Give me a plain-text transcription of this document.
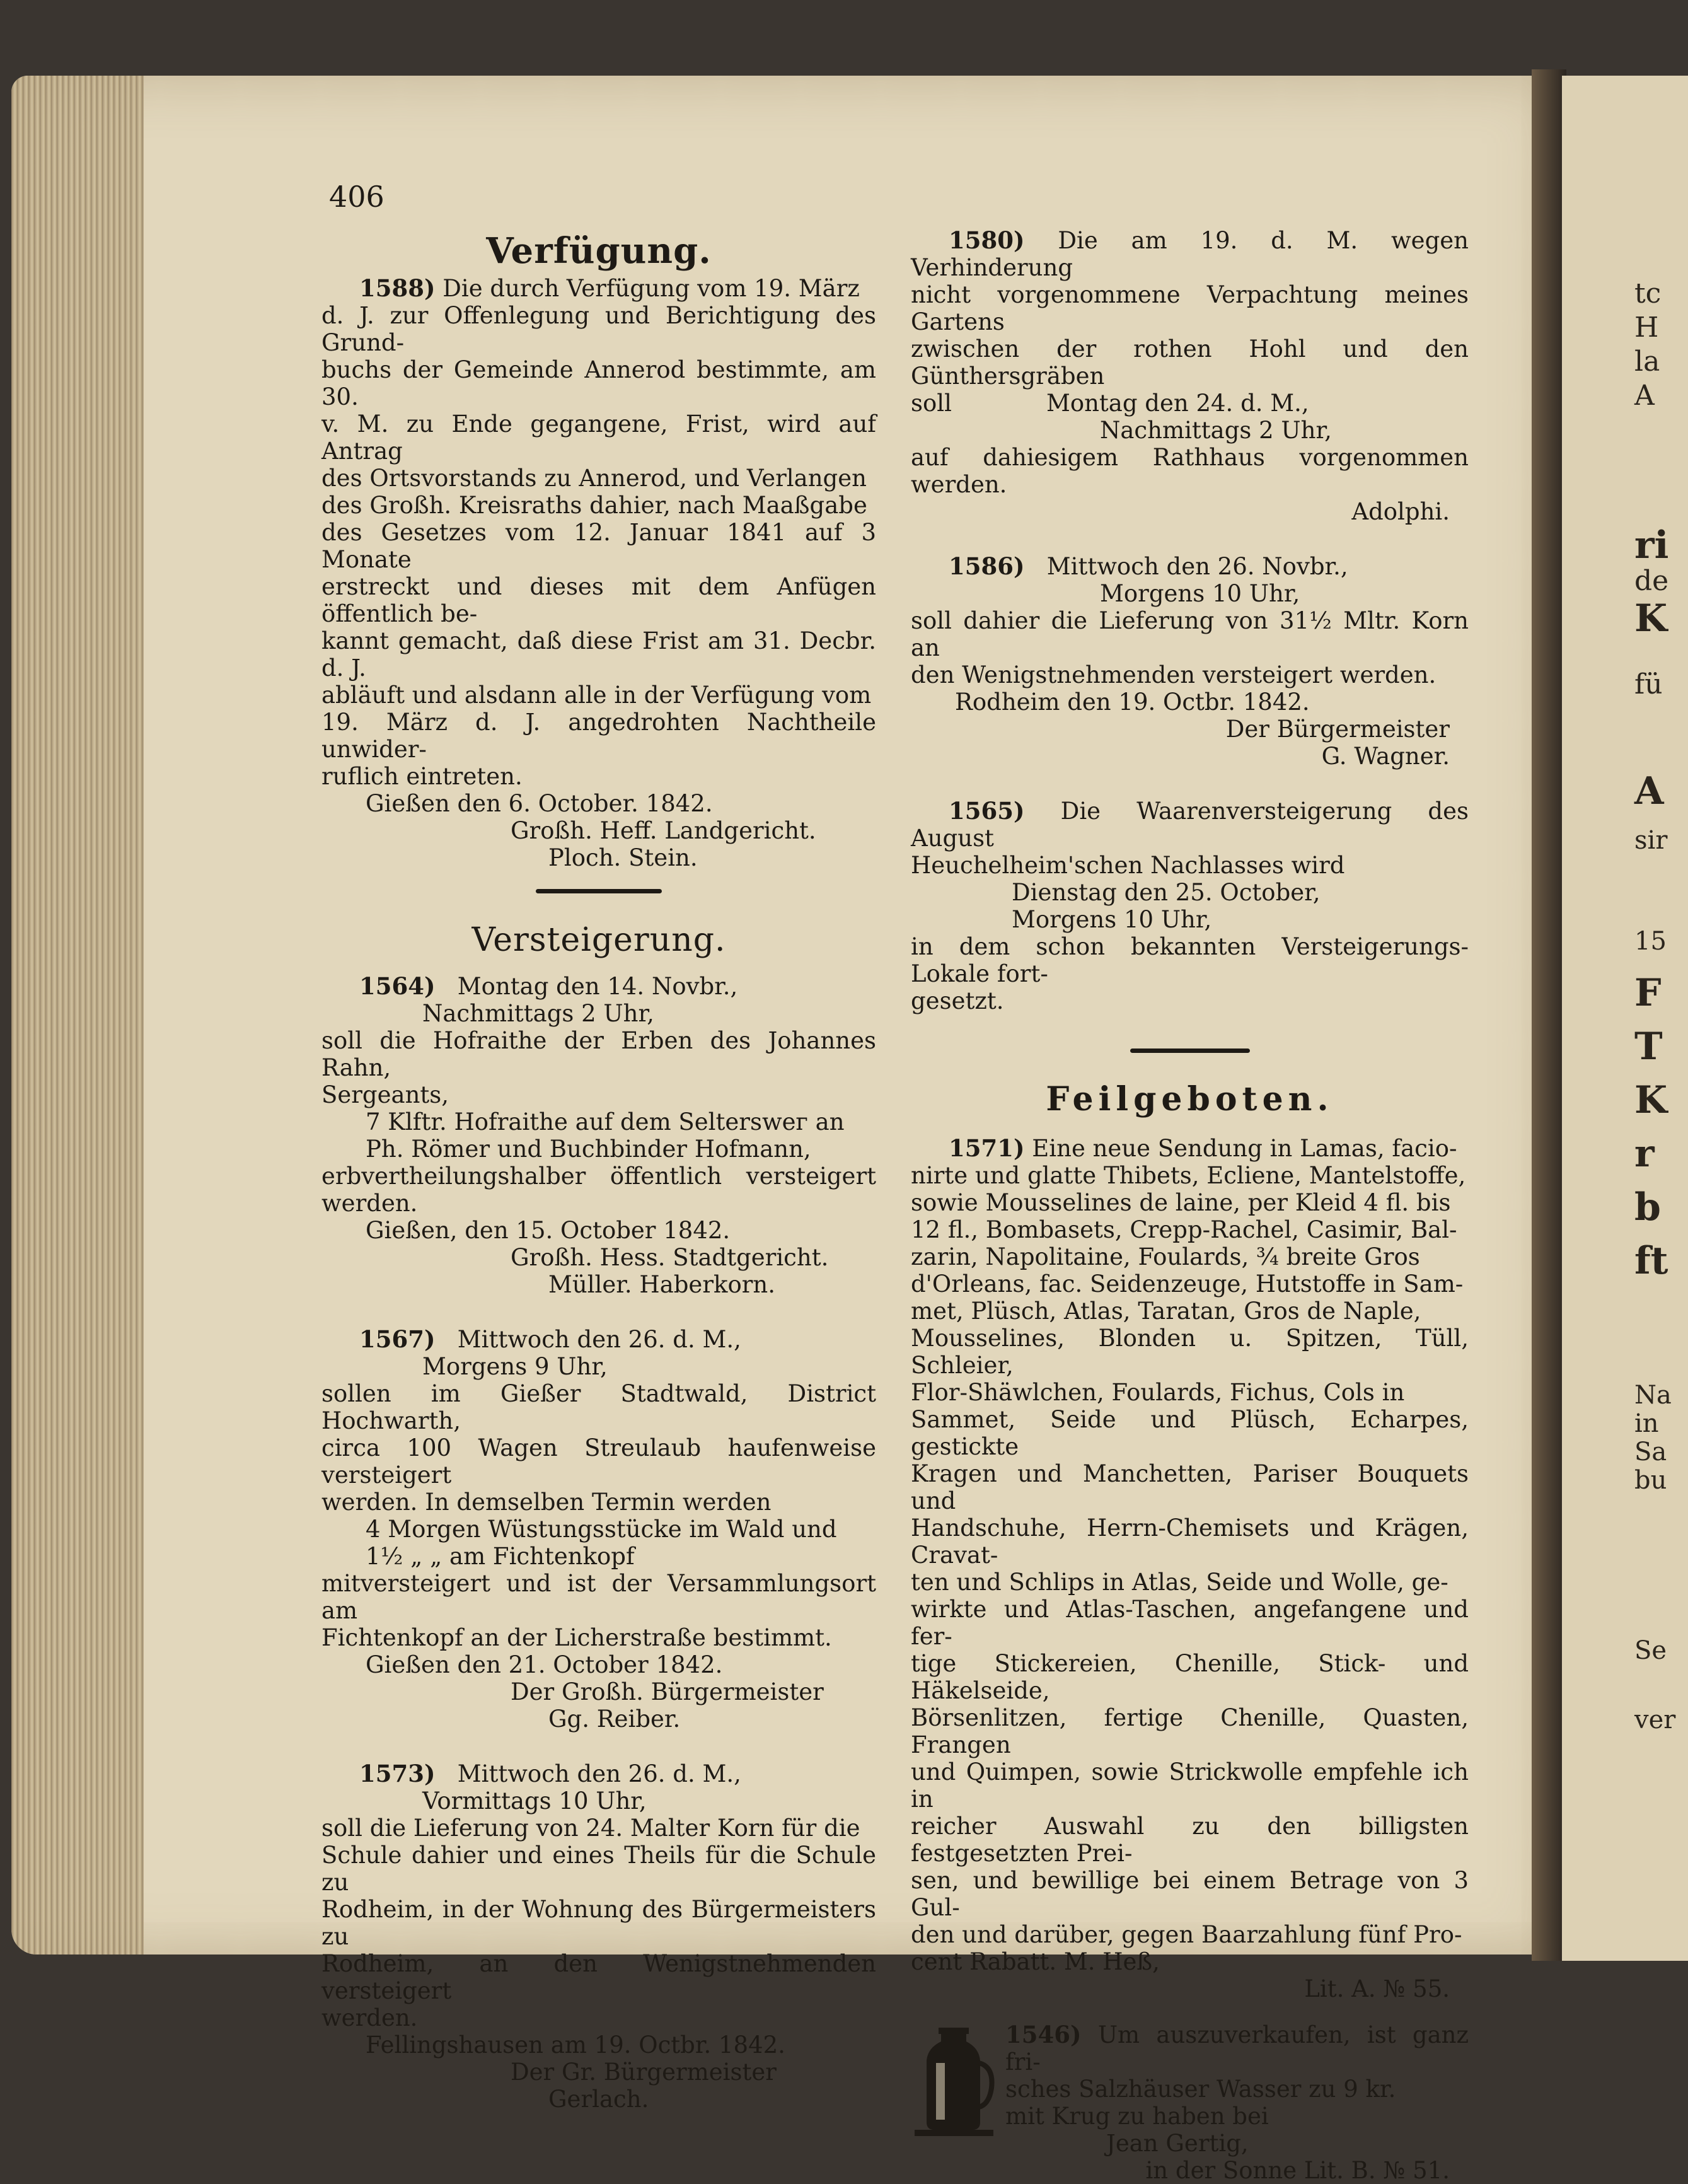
tc
H
la
A
ri
de
K
fü
A
sir
15
F
T
K
r
b
ft
Na
in
Sa
bu
Se
ver
406
Verfügung.

1588) Die durch Verfügung vom 19. März

d. J. zur Offenlegung und Berichtigung des Grund-

buchs der Gemeinde Annerod bestimmte, am 30.

v. M. zu Ende gegangene, Frist, wird auf Antrag

des Ortsvorstands zu Annerod, und Verlangen

des Großh. Kreisraths dahier, nach Maaßgabe

des Gesetzes vom 12. Januar 1841 auf 3 Monate

erstreckt und dieses mit dem Anfügen öffentlich be-

kannt gemacht, daß diese Frist am 31. Decbr. d. J.

abläuft und alsdann alle in der Verfügung vom

19. März d. J. angedrohten Nachtheile unwider-

ruflich eintreten.

Gießen den 6. October. 1842.

Großh. Heff. Landgericht.

Ploch. Stein.

Versteigerung.

1564) Montag den 14. Novbr.,

Nachmittags 2 Uhr,

soll die Hofraithe der Erben des Johannes Rahn,

Sergeants,

7 Klftr. Hofraithe auf dem Selterswег an

Ph. Römer und Buchbinder Hofmann,

erbvertheilungshalber öffentlich versteigert werden.

Gießen, den 15. October 1842.

Großh. Hess. Stadtgericht.

Müller. Haberkorn.

1567) Mittwoch den 26. d. M.,

Morgens 9 Uhr,

sollen im Gießer Stadtwald, District Hochwarth,

circa 100 Wagen Streulaub haufenweise versteigert

werden. In demselben Termin werden

4 Morgen Wüstungsstücke im Wald und

1½ „ „ am Fichtenkopf

mitversteigert und ist der Versammlungsort am

Fichtenkopf an der Licherstraße bestimmt.

Gießen den 21. October 1842.

Der Großh. Bürgermeister

Gg. Reiber.

1573) Mittwoch den 26. d. M.,

Vormittags 10 Uhr,

soll die Lieferung von 24. Malter Korn für die

Schule dahier und eines Theils für die Schule zu

Rodheim, in der Wohnung des Bürgermeisters zu

Rodheim, an den Wenigstnehmenden versteigert

werden.

Fellingshausen am 19. Octbr. 1842.

Der Gr. Bürgermeister

Gerlach.

1580) Die am 19. d. M. wegen Verhinderung

nicht vorgenommene Verpachtung meines Gartens

zwischen der rothen Hohl und den Günthersgräben

soll	Montag den 24. d. M.,

Nachmittags 2 Uhr,

auf dahiesigem Rathhaus vorgenommen werden.

Adolphi.

1586) Mittwoch den 26. Novbr.,

Morgens 10 Uhr,

soll dahier die Lieferung von 31½ Mltr. Korn an

den Wenigstnehmenden versteigert werden.

Rodheim den 19. Octbr. 1842.

Der Bürgermeister

G. Wagner.

1565) Die Waarenversteigerung des August

Heuchelheim'schen Nachlasses wird

Dienstag den 25. October,

Morgens 10 Uhr,

in dem schon bekannten Versteigerungs-Lokale fort-

gesetzt.

Feilgeboten.

1571) Eine neue Sendung in Lamas, facio-

nirte und glatte Thibets, Ecliene, Mantelstoffe,

sowie Mousselines de laine, per Kleid 4 fl. bis

12 fl., Bombasets, Crepp-Rachel, Casimir, Bal-

zarin, Napolitaine, Foulards, ¾ breite Gros

d'Orleans, fac. Seidenzeuge, Hutstoffe in Sam-

met, Plüsch, Atlas, Taratan, Gros de Naple,

Mousselines, Blonden u. Spitzen, Tüll, Schleier,

Flor-Shäwlchen, Foulards, Fichus, Cols in

Sammet, Seide und Plüsch, Echarpes, gestickte

Kragen und Manchetten, Pariser Bouquets und

Handschuhe, Herrn-Chemisets und Krägen, Cravat-

ten und Schlips in Atlas, Seide und Wolle, ge-

wirkte und Atlas-Taschen, angefangene und fer-

tige Stickereien, Chenille, Stick- und Häkelseide,

Börsenlitzen, fertige Chenille, Quasten, Frangen

und Quimpen, sowie Strickwolle empfehle ich in

reicher Auswahl zu den billigsten festgesetzten Prei-

sen, und bewillige bei einem Betrage von 3 Gul-

den und darüber, gegen Baarzahlung fünf Pro-

cent Rabatt. M. Heß,

Lit. A. № 55.

1546) Um auszuverkaufen, ist ganz fri-

sches Salzhäuser Wasser zu 9 kr.

mit Krug zu haben bei

Jean Gertig,

in der Sonne Lit. B. № 51.
